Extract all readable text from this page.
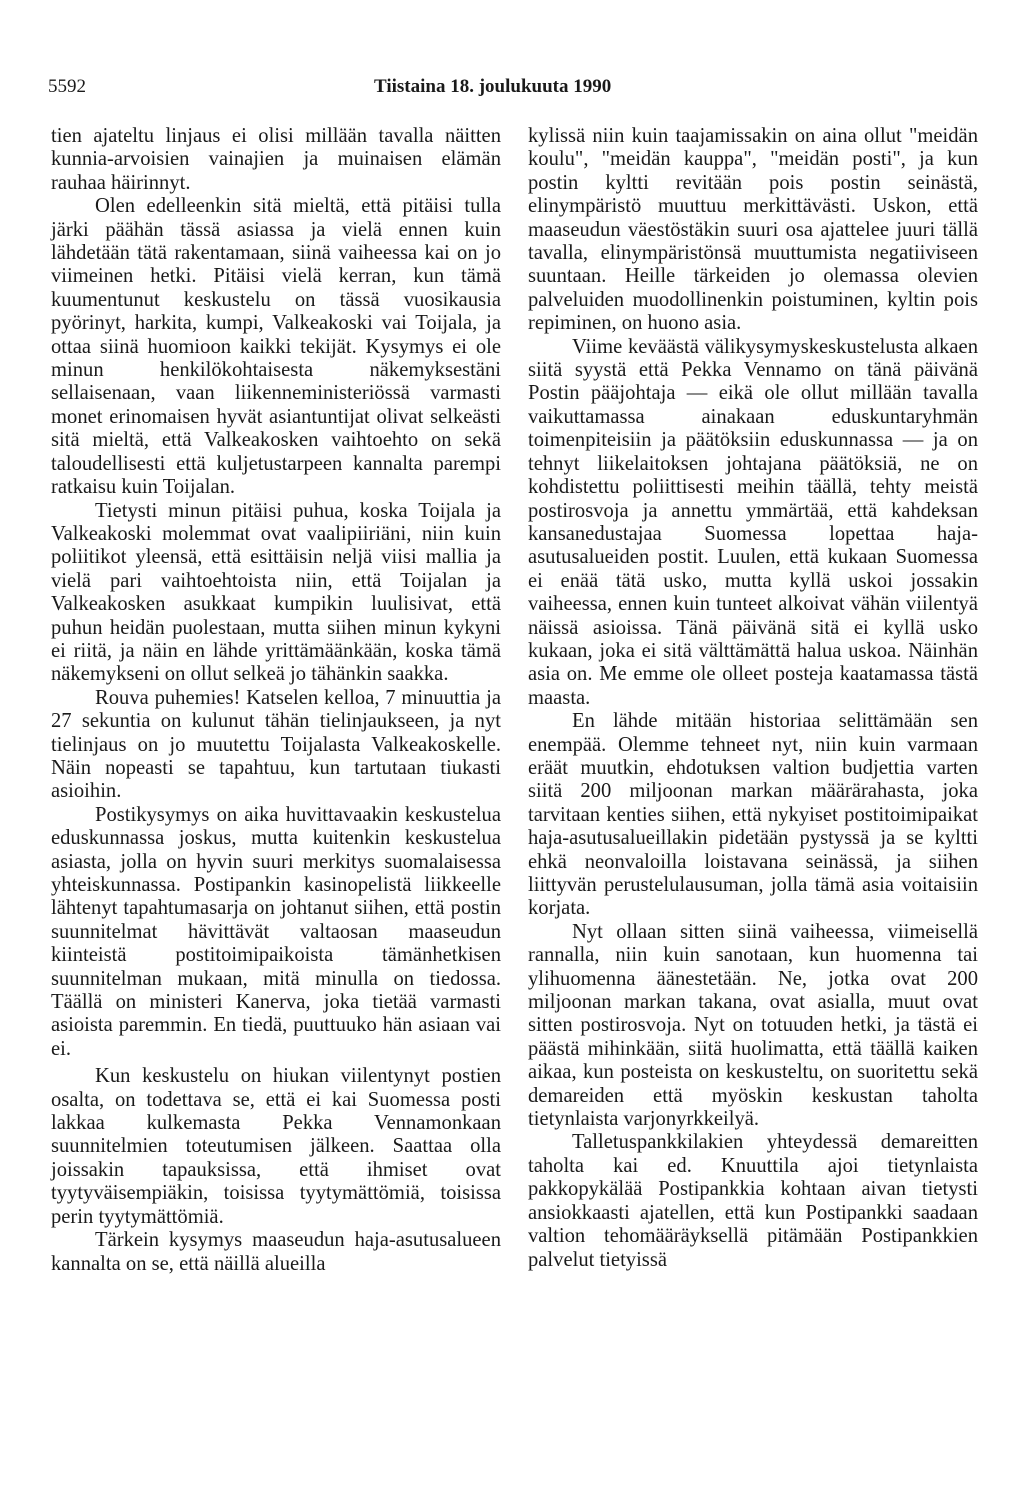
5592	Tiistaina 18. joulukuuta 1990

tien ajateltu linjaus ei olisi millään tavalla näitten kunnia-arvoisien vainajien ja muinaisen elämän rauhaa häirinnyt.

Olen edelleenkin sitä mieltä, että pitäisi tulla järki päähän tässä asiassa ja vielä ennen kuin lähdetään tätä rakentamaan, siinä vaiheessa kai on jo viimeinen hetki. Pitäisi vielä kerran, kun tämä kuumentunut keskustelu on tässä vuosikausia pyörinyt, harkita, kumpi, Valkeakoski vai Toijala, ja ottaa siinä huomioon kaikki tekijät. Kysymys ei ole minun henkilökohtaisesta näkemyksestäni sellaisenaan, vaan liikenneministeriössä varmasti monet erinomaisen hyvät asiantuntijat olivat selkeästi sitä mieltä, että Valkeakosken vaihtoehto on sekä taloudellisesti että kuljetustarpeen kannalta parempi ratkaisu kuin Toijalan.

Tietysti minun pitäisi puhua, koska Toijala ja Valkeakoski molemmat ovat vaalipiiriäni, niin kuin poliitikot yleensä, että esittäisin neljä viisi mallia ja vielä pari vaihtoehtoista niin, että Toijalan ja Valkeakosken asukkaat kumpikin luulisivat, että puhun heidän puolestaan, mutta siihen minun kykyni ei riitä, ja näin en lähde yrittämäänkään, koska tämä näkemykseni on ollut selkeä jo tähänkin saakka.

Rouva puhemies! Katselen kelloa, 7 minuuttia ja 27 sekuntia on kulunut tähän tielinjaukseen, ja nyt tielinjaus on jo muutettu Toijalasta Valkeakoskelle. Näin nopeasti se tapahtuu, kun tartutaan tiukasti asioihin.

Postikysymys on aika huvittavaakin keskustelua eduskunnassa joskus, mutta kuitenkin keskustelua asiasta, jolla on hyvin suuri merkitys suomalaisessa yhteiskunnassa. Postipankin kasinopelistä liikkeelle lähtenyt tapahtumasarja on johtanut siihen, että postin suunnitelmat hävittävät valtaosan maaseudun kiinteistä postitoimipaikoista tämänhetkisen suunnitelman mukaan, mitä minulla on tiedossa. Täällä on ministeri Kanerva, joka tietää varmasti asioista paremmin. En tiedä, puuttuuko hän asiaan vai ei.

Kun keskustelu on hiukan viilentynyt postien osalta, on todettava se, että ei kai Suomessa posti lakkaa kulkemasta Pekka Vennamonkaan suunnitelmien toteutumisen jälkeen. Saattaa olla joissakin tapauksissa, että ihmiset ovat tyytyväisempiäkin, toisissa tyytymättömiä, toisissa perin tyytymättömiä.

Tärkein kysymys maaseudun haja-asutusalueen kannalta on se, että näillä alueilla

kylissä niin kuin taajamissakin on aina ollut "meidän koulu", "meidän kauppa", "meidän posti", ja kun postin kyltti revitään pois postin seinästä, elinympäristö muuttuu merkittävästi. Uskon, että maaseudun väestöstäkin suuri osa ajattelee juuri tällä tavalla, elinympäristönsä muuttumista negatiiviseen suuntaan. Heille tärkeiden jo olemassa olevien palveluiden muodollinenkin poistuminen, kyltin pois repiminen, on huono asia.

Viime keväästä välikysymyskeskustelusta alkaen siitä syystä että Pekka Vennamo on tänä päivänä Postin pääjohtaja — eikä ole ollut millään tavalla vaikuttamassa ainakaan eduskuntaryhmän toimenpiteisiin ja päätöksiin eduskunnassa — ja on tehnyt liikelaitoksen johtajana päätöksiä, ne on kohdistettu poliittisesti meihin täällä, tehty meistä postirosvoja ja annettu ymmärtää, että kahdeksan kansanedustajaa Suomessa lopettaa haja-asutusalueiden postit. Luulen, että kukaan Suomessa ei enää tätä usko, mutta kyllä uskoi jossakin vaiheessa, ennen kuin tunteet alkoivat vähän viilentyä näissä asioissa. Tänä päivänä sitä ei kyllä usko kukaan, joka ei sitä välttämättä halua uskoa. Näinhän asia on. Me emme ole olleet posteja kaatamassa tästä maasta.

En lähde mitään historiaa selittämään sen enempää. Olemme tehneet nyt, niin kuin varmaan eräät muutkin, ehdotuksen valtion budjettia varten siitä 200 miljoonan markan määrärahasta, joka tarvitaan kenties siihen, että nykyiset postitoimipaikat haja-asutusalueillakin pidetään pystyssä ja se kyltti ehkä neonvaloilla loistavana seinässä, ja siihen liittyvän perustelulausuman, jolla tämä asia voitaisiin korjata.

Nyt ollaan sitten siinä vaiheessa, viimeisellä rannalla, niin kuin sanotaan, kun huomenna tai ylihuomenna äänestetään. Ne, jotka ovat 200 miljoonan markan takana, ovat asialla, muut ovat sitten postirosvoja. Nyt on totuuden hetki, ja tästä ei päästä mihinkään, siitä huolimatta, että täällä kaiken aikaa, kun posteista on keskusteltu, on suoritettu sekä demareiden että myöskin keskustan taholta tietynlaista varjonyrkkeilyä.

Talletuspankkilakien yhteydessä demareitten taholta kai ed. Knuuttila ajoi tietynlaista pakkopykälää Postipankkia kohtaan aivan tietysti ansiokkaasti ajatellen, että kun Postipankki saadaan valtion tehomääräyksellä pitämään Postipankkien palvelut tietyissä
